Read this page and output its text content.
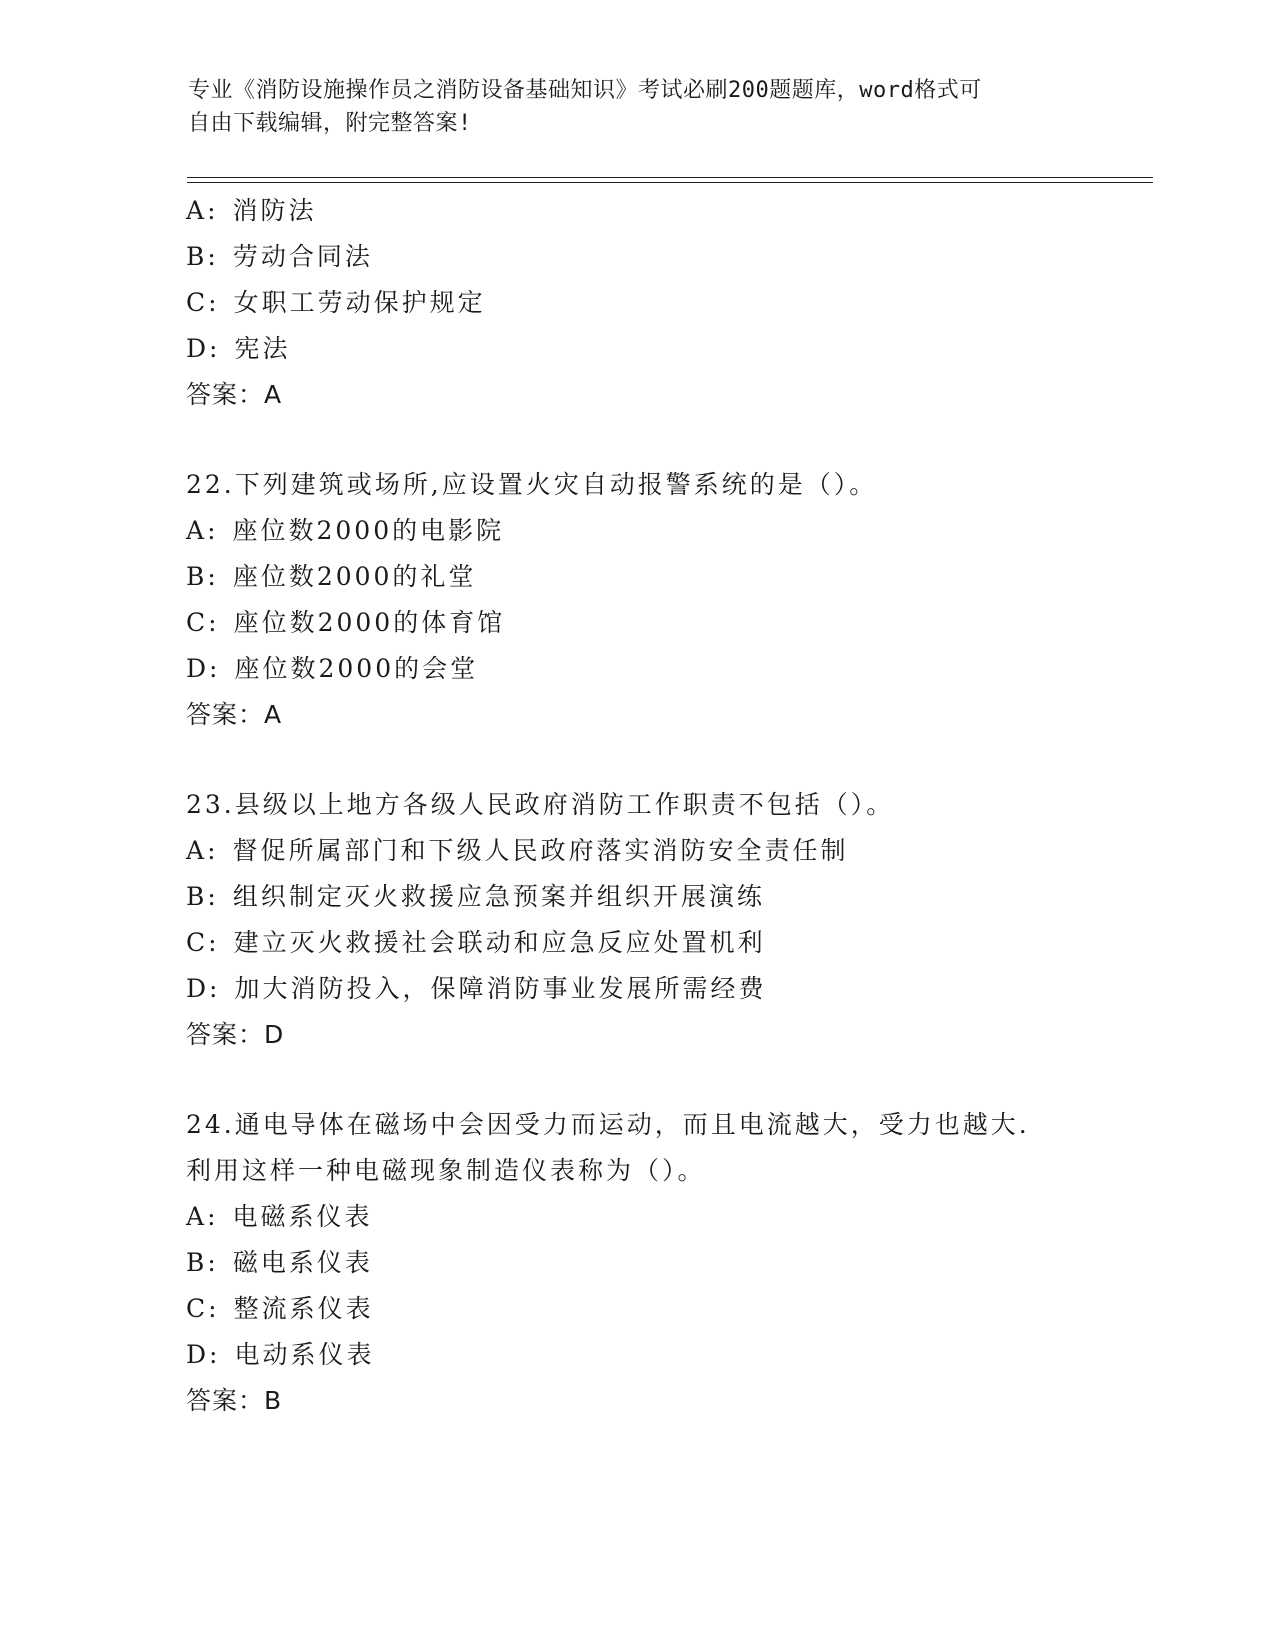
专业《消防设施操作员之消防设备基础知识》考试必刷200题题库，word格式可
自由下载编辑，附完整答案!
A: 消防法
B: 劳动合同法
C: 女职工劳动保护规定
D: 宪法
答案：A
22.下列建筑或场所,应设置火灾自动报警系统的是（）。
A: 座位数2000的电影院
B: 座位数2000的礼堂
C: 座位数2000的体育馆
D: 座位数2000的会堂
答案：A
23.县级以上地方各级人民政府消防工作职责不包括（）。
A: 督促所属部门和下级人民政府落实消防安全责任制
B: 组织制定灭火救援应急预案并组织开展演练
C: 建立灭火救援社会联动和应急反应处置机利
D: 加大消防投入，保障消防事业发展所需经费
答案：D
24.通电导体在磁场中会因受力而运动，而且电流越大，受力也越大.
利用这样一种电磁现象制造仪表称为（）。
A: 电磁系仪表
B: 磁电系仪表
C: 整流系仪表
D: 电动系仪表
答案：B
